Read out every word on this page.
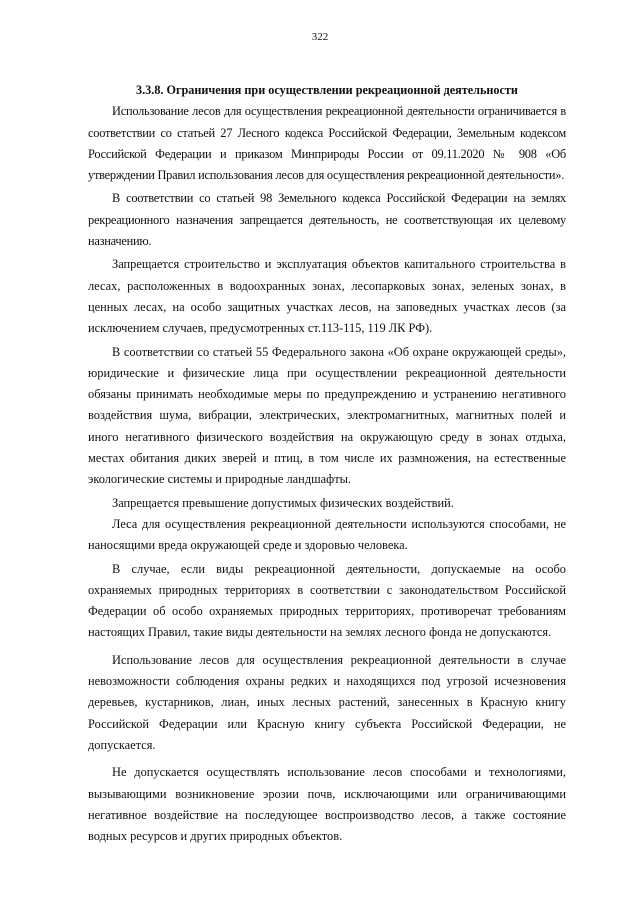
322

3.3.8. Ограничения при осуществлении рекреационной деятельности

Использование лесов для осуществления рекреационной деятельности ограничивается в соответствии со статьей 27 Лесного кодекса Российской Федерации, Земельным кодексом Российской Федерации и приказом Минприроды России от 09.11.2020 № 908 «Об утверждении Правил использования лесов для осуществления рекреационной деятельности».

В соответствии со статьей 98 Земельного кодекса Российской Федерации на землях рекреационного назначения запрещается деятельность, не соответствующая их целевому назначению.

Запрещается строительство и эксплуатация объектов капитального строительства в лесах, расположенных в водоохранных зонах, лесопарковых зонах, зеленых зонах, в ценных лесах, на особо защитных участках лесов, на заповедных участках лесов (за исключением случаев, предусмотренных ст.113-115, 119 ЛК РФ).

В соответствии со статьей 55 Федерального закона «Об охране окружающей среды», юридические и физические лица при осуществлении рекреационной деятельности обязаны принимать необходимые меры по предупреждению и устранению негативного воздействия шума, вибрации, электрических, электромагнитных, магнитных полей и иного негативного физического воздействия на окружающую среду в зонах отдыха, местах обитания диких зверей и птиц, в том числе их размножения, на естественные экологические системы и природные ландшафты.

Запрещается превышение допустимых физических воздействий.

Леса для осуществления рекреационной деятельности используются способами, не наносящими вреда окружающей среде и здоровью человека.

В случае, если виды рекреационной деятельности, допускаемые на особо охраняемых природных территориях в соответствии с законодательством Российской Федерации об особо охраняемых природных территориях, противоречат требованиям настоящих Правил, такие виды деятельности на землях лесного фонда не допускаются.

Использование лесов для осуществления рекреационной деятельности в случае невозможности соблюдения охраны редких и находящихся под угрозой исчезновения деревьев, кустарников, лиан, иных лесных растений, занесенных в Красную книгу Российской Федерации или Красную книгу субъекта Российской Федерации, не допускается.

Не допускается осуществлять использование лесов способами и технологиями, вызывающими возникновение эрозии почв, исключающими или ограничивающими негативное воздействие на последующее воспроизводство лесов, а также состояние водных ресурсов и других природных объектов.
